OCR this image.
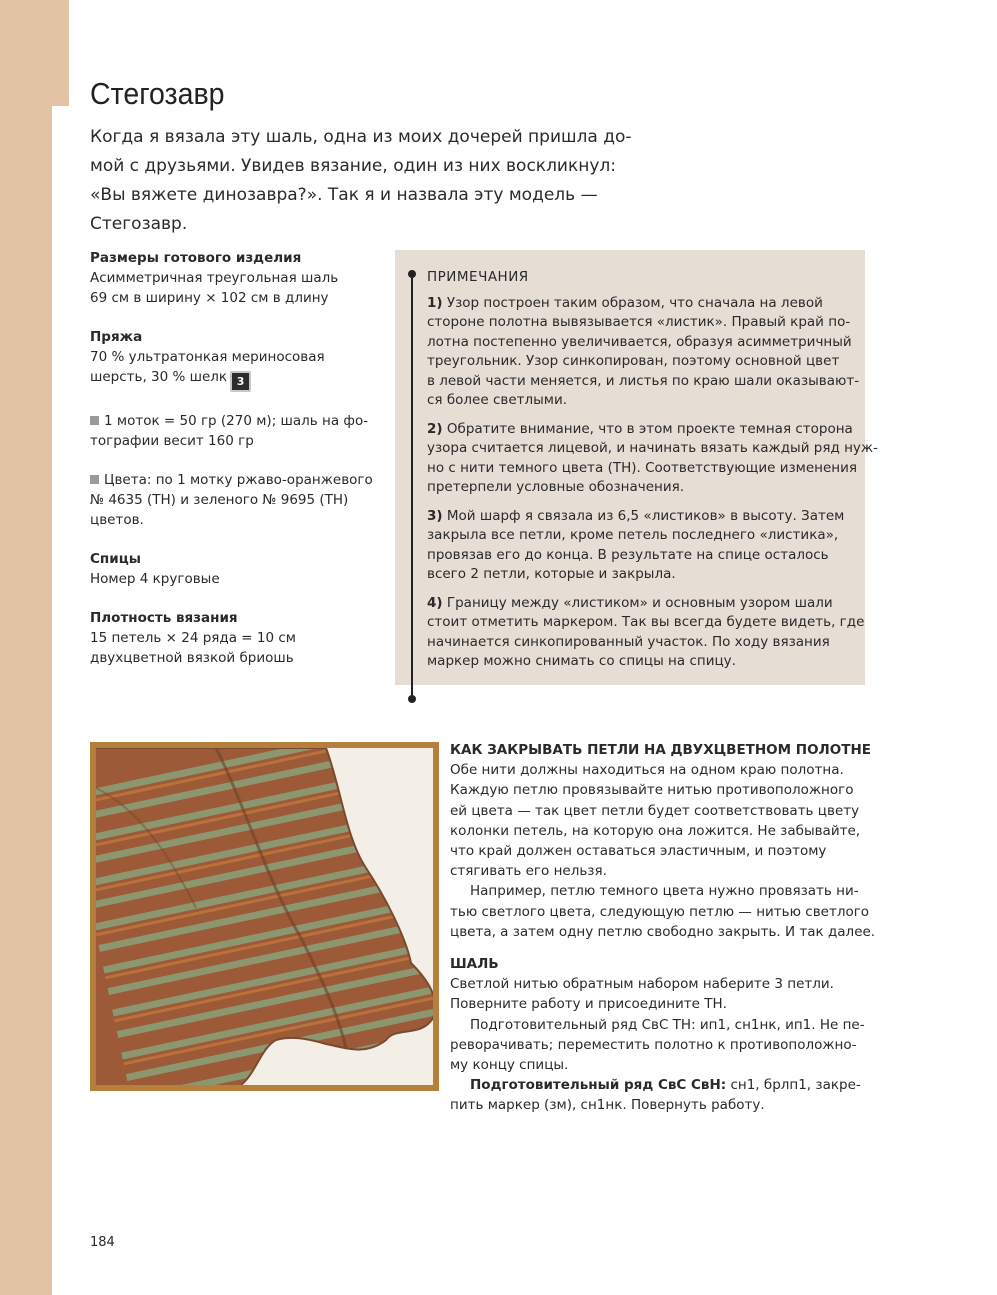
Стегозавр
Когда я вязала эту шаль, одна из моих дочерей пришла до-
мой с друзьями. Увидев вязание, один из них воскликнул:
«Вы вяжете динозавра?». Так я и назвала эту модель —
Стегозавр.
Размеры готового изделия
Асимметричная треугольная шаль
69 см в ширину × 102 см в длину
Пряжа
70 % ультратонкая мериносовая
шерсть, 30 % шелк 3
1 моток = 50 гр (270 м); шаль на фо-
тографии весит 160 гр
Цвета: по 1 мотку ржаво-оранжевого
№ 4635 (ТН) и зеленого № 9695 (ТН)
цветов.
Спицы
Номер 4 круговые
Плотность вязания
15 петель × 24 ряда = 10 см
двухцветной вязкой бриошь
ПРИМЕЧАНИЯ
1) Узор построен таким образом, что сначала на левой
стороне полотна вывязывается «листик». Правый край по-
лотна постепенно увеличивается, образуя асимметричный
треугольник. Узор синкопирован, поэтому основной цвет
в левой части меняется, и листья по краю шали оказывают-
ся более светлыми.
2) Обратите внимание, что в этом проекте темная сторона
узора считается лицевой, и начинать вязать каждый ряд нуж-
но с нити темного цвета (ТН). Соответствующие изменения
претерпели условные обозначения.
3) Мой шарф я связала из 6,5 «листиков» в высоту. Затем
закрыла все петли, кроме петель последнего «листика»,
провязав его до конца. В результате на спице осталось
всего 2 петли, которые и закрыла.
4) Границу между «листиком» и основным узором шали
стоит отметить маркером. Так вы всегда будете видеть, где
начинается синкопированный участок. По ходу вязания
маркер можно снимать со спицы на спицу.
КАК ЗАКРЫВАТЬ ПЕТЛИ НА ДВУХЦВЕТНОМ ПОЛОТНЕ
Обе нити должны находиться на одном краю полотна.
Каждую петлю провязывайте нитью противоположного
ей цвета — так цвет петли будет соответствовать цвету
колонки петель, на которую она ложится. Не забывайте,
что край должен оставаться эластичным, и поэтому
стягивать его нельзя.
Например, петлю темного цвета нужно провязать ни-
тью светлого цвета, следующую петлю — нитью светлого
цвета, а затем одну петлю свободно закрыть. И так далее.
ШАЛЬ
Светлой нитью обратным набором наберите 3 петли.
Поверните работу и присоедините ТН.
Подготовительный ряд СвС ТН: ип1, сн1нк, ип1. Не пе-
реворачивать; переместить полотно к противоположно-
му концу спицы.
Подготовительный ряд СвС СвН: сн1, брлп1, закре-
пить маркер (зм), сн1нк. Повернуть работу.
184
